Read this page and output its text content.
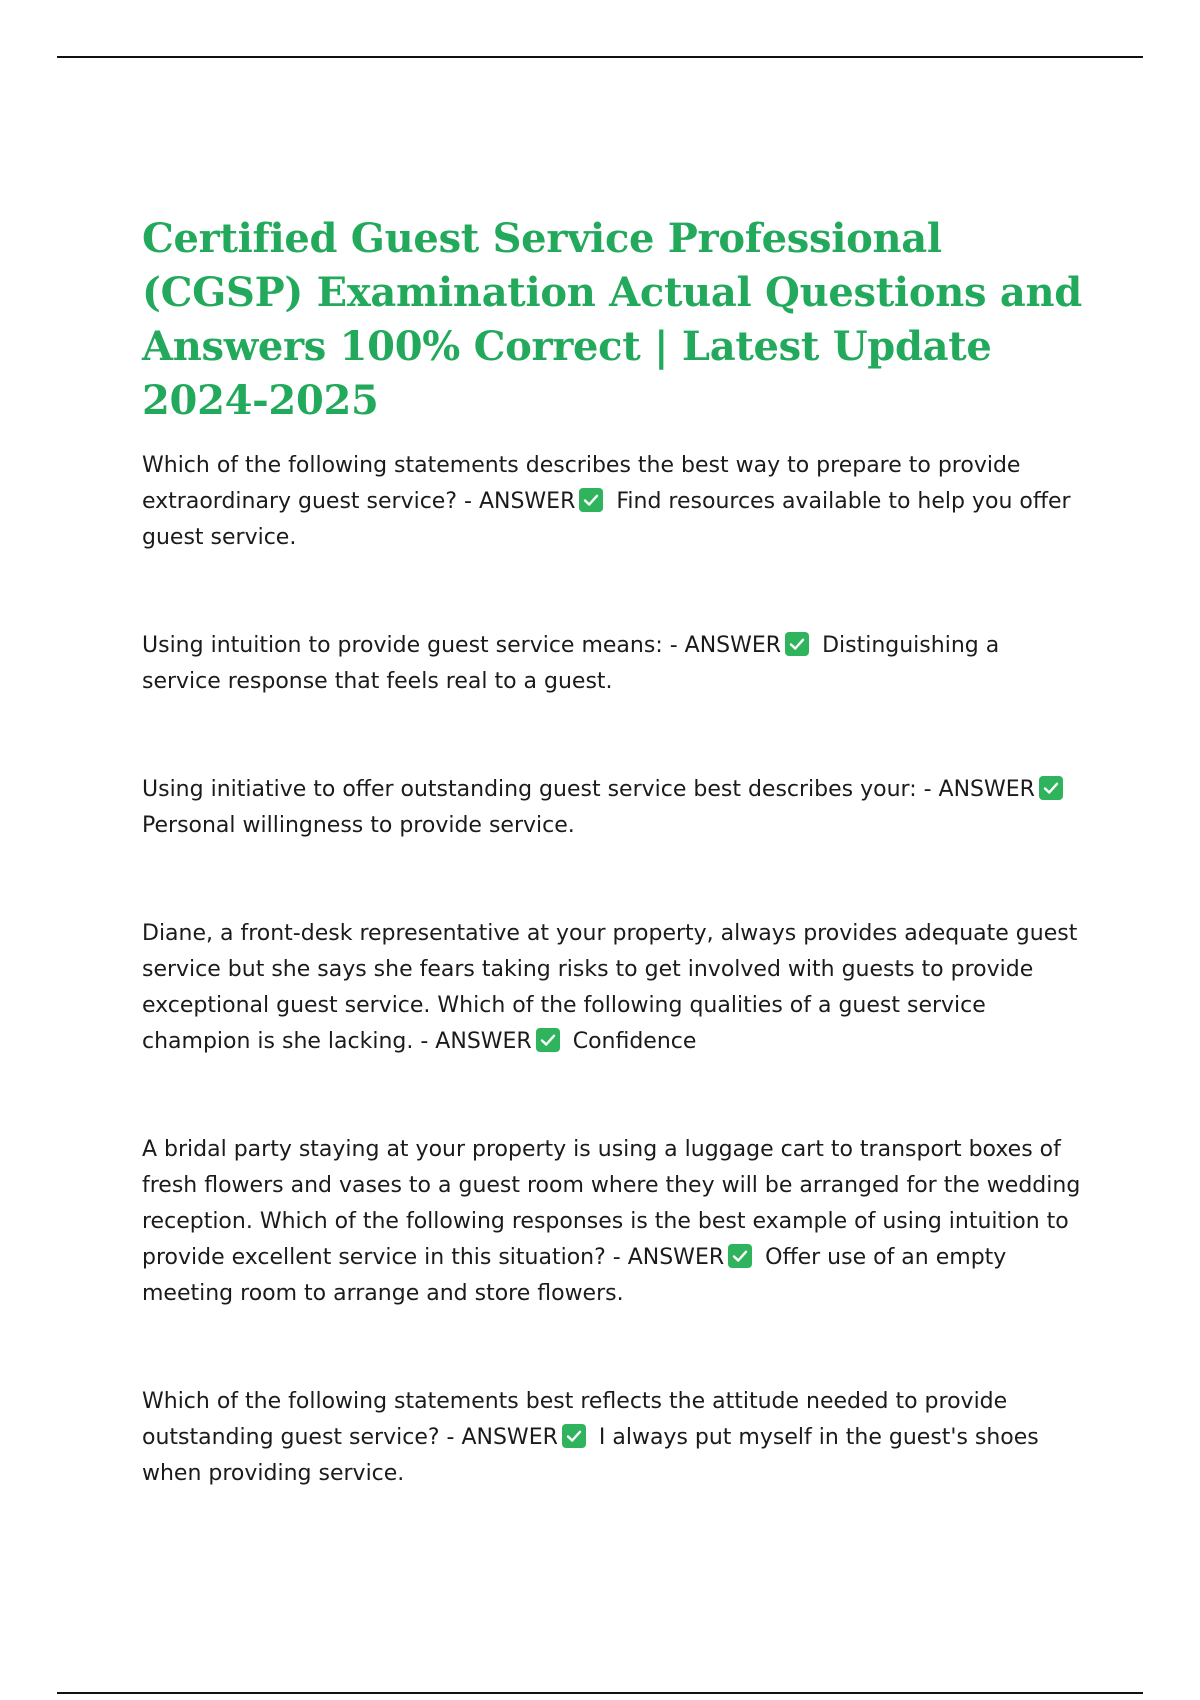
Certified Guest Service Professional (CGSP) Examination Actual Questions and Answers 100% Correct | Latest Update 2024-2025

Which of the following statements describes the best way to prepare to provide extraordinary guest service? - ANSWER Find resources available to help you offer guest service.

Using intuition to provide guest service means: - ANSWER Distinguishing a service response that feels real to a guest.

Using initiative to offer outstanding guest service best describes your: - ANSWER
Personal willingness to provide service.

Diane, a front-desk representative at your property, always provides adequate guest service but she says she fears taking risks to get involved with guests to provide exceptional guest service. Which of the following qualities of a guest service champion is she lacking. - ANSWER Confidence

A bridal party staying at your property is using a luggage cart to transport boxes of fresh flowers and vases to a guest room where they will be arranged for the wedding reception. Which of the following responses is the best example of using intuition to provide excellent service in this situation? - ANSWER Offer use of an empty meeting room to arrange and store flowers.

Which of the following statements best reflects the attitude needed to provide outstanding guest service? - ANSWER I always put myself in the guest's shoes when providing service.
